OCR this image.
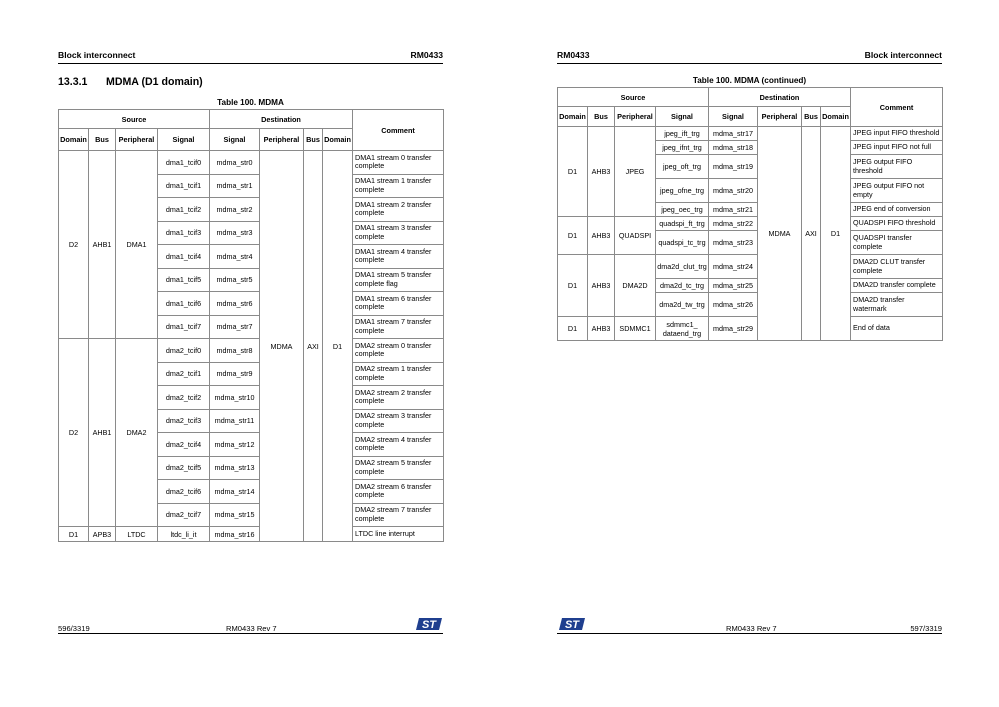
Block interconnect	RM0433
13.3.1 MDMA (D1 domain)
Table 100. MDMA
Source				Destination				Comment
Domain	Bus	Peripheral	Signal	Signal	Peripheral	Bus	Domain	
D2	AHB1	DMA1	dma1_tcif0	mdma_str0	MDMA	AXI	D1	DMA1 stream 0 transfer complete
			dma1_tcif1	mdma_str1				DMA1 stream 1 transfer complete
			dma1_tcif2	mdma_str2				DMA1 stream 2 transfer complete
			dma1_tcif3	mdma_str3				DMA1 stream 3 transfer complete
			dma1_tcif4	mdma_str4				DMA1 stream 4 transfer complete
			dma1_tcif5	mdma_str5				DMA1 stream 5 transfer complete flag
			dma1_tcif6	mdma_str6				DMA1 stream 6 transfer complete
			dma1_tcif7	mdma_str7				DMA1 stream 7 transfer complete
D2	AHB1	DMA2	dma2_tcif0	mdma_str8				DMA2 stream 0 transfer complete
			dma2_tcif1	mdma_str9				DMA2 stream 1 transfer complete
			dma2_tcif2	mdma_str10				DMA2 stream 2 transfer complete
			dma2_tcif3	mdma_str11				DMA2 stream 3 transfer complete
			dma2_tcif4	mdma_str12				DMA2 stream 4 transfer complete
			dma2_tcif5	mdma_str13				DMA2 stream 5 transfer complete
			dma2_tcif6	mdma_str14				DMA2 stream 6 transfer complete
			dma2_tcif7	mdma_str15				DMA2 stream 7 transfer complete
D1	APB3	LTDC	ltdc_li_it	mdma_str16				LTDC line interrupt
596/3319	RM0433 Rev 7	ST
RM0433	Block interconnect
Table 100. MDMA (continued)
Source				Destination				Comment
Domain	Bus	Peripheral	Signal	Signal	Peripheral	Bus	Domain	
D1	AHB3	JPEG	jpeg_ift_trg	mdma_str17	MDMA	AXI	D1	JPEG input FIFO threshold
			jpeg_ifnt_trg	mdma_str18				JPEG input FIFO not full
			jpeg_oft_trg	mdma_str19				JPEG output FIFO threshold
			jpeg_ofne_trg	mdma_str20				JPEG output FIFO not empty
			jpeg_oec_trg	mdma_str21				JPEG end of conversion
D1	AHB3	QUADSPI	quadspi_ft_trg	mdma_str22				QUADSPI FIFO threshold
			quadspi_tc_trg	mdma_str23				QUADSPI transfer complete
D1	AHB3	DMA2D	dma2d_clut_trg	mdma_str24				DMA2D CLUT transfer complete
			dma2d_tc_trg	mdma_str25				DMA2D transfer complete
			dma2d_tw_trg	mdma_str26				DMA2D transfer watermark
D1	AHB3	SDMMC1	sdmmc1_ dataend_trg	mdma_str29				End of data
ST	RM0433 Rev 7	597/3319
